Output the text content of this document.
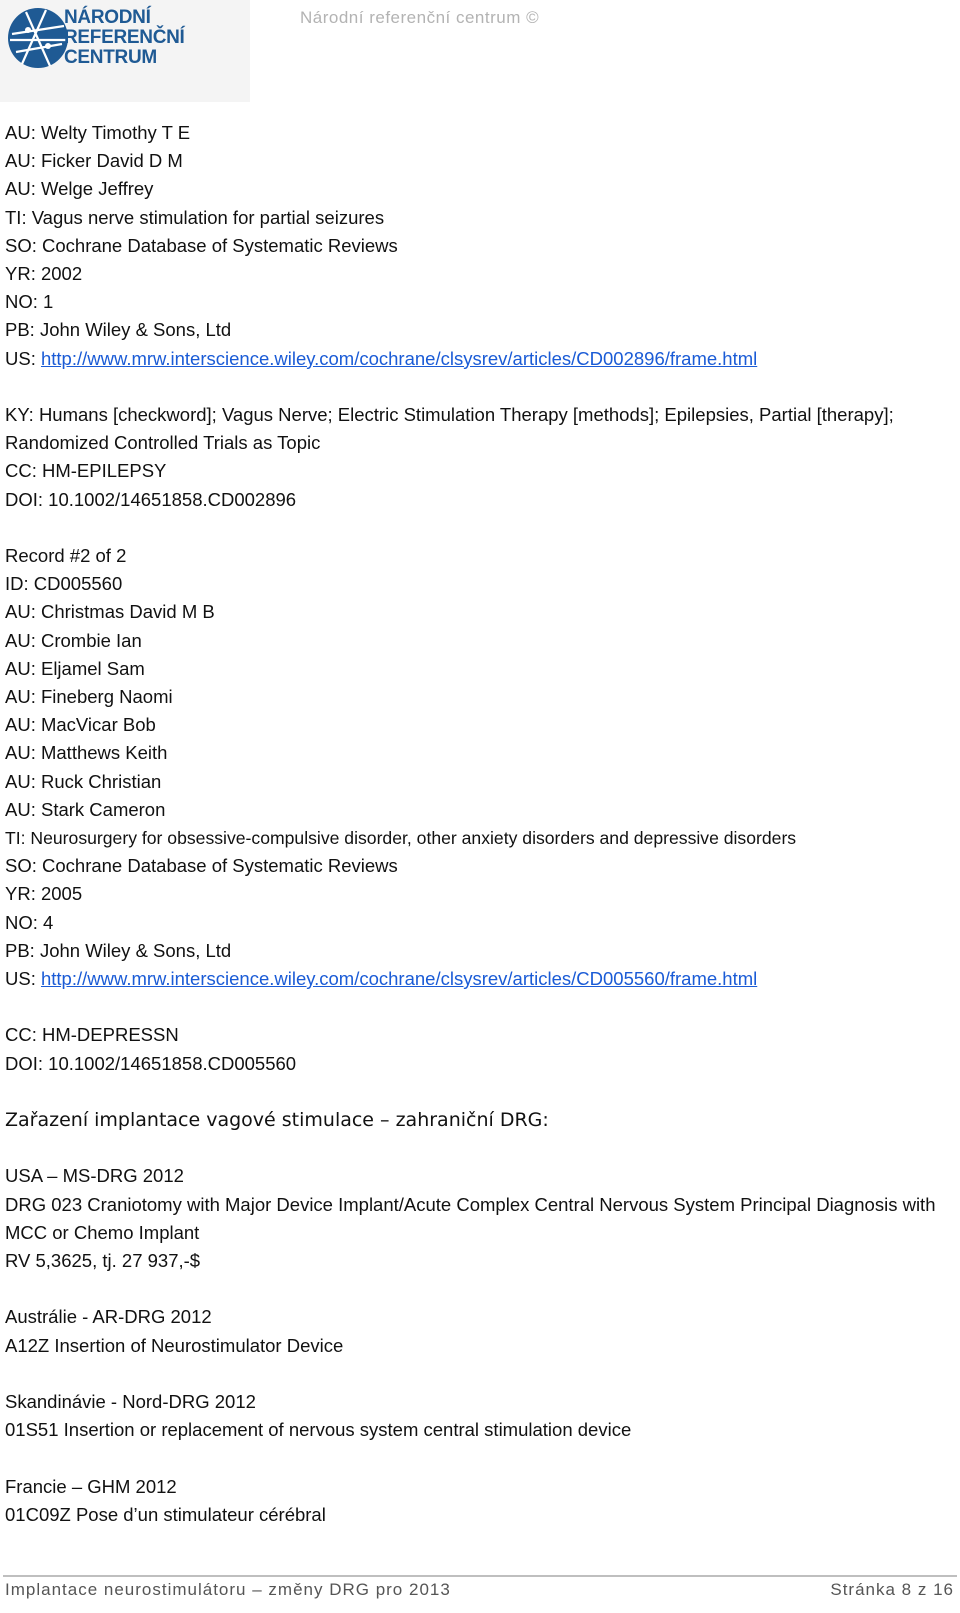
NÁRODNÍ
REFERENČNÍ
CENTRUM
Národní referenční centrum ©
AU: Welty Timothy T E
AU: Ficker David D M
AU: Welge Jeffrey
TI: Vagus nerve stimulation for partial seizures
SO: Cochrane Database of Systematic Reviews
YR: 2002
NO: 1
PB: John Wiley & Sons, Ltd
US: http://www.mrw.interscience.wiley.com/cochrane/clsysrev/articles/CD002896/frame.html
KY: Humans [checkword]; Vagus Nerve; Electric Stimulation Therapy [methods]; Epilepsies, Partial [therapy]; Randomized Controlled Trials as Topic
CC: HM-EPILEPSY
DOI: 10.1002/14651858.CD002896
Record #2 of 2
ID: CD005560
AU: Christmas David M B
AU: Crombie Ian
AU: Eljamel Sam
AU: Fineberg Naomi
AU: MacVicar Bob
AU: Matthews Keith
AU: Ruck Christian
AU: Stark Cameron
TI: Neurosurgery for obsessive-compulsive disorder, other anxiety disorders and depressive disorders
SO: Cochrane Database of Systematic Reviews
YR: 2005
NO: 4
PB: John Wiley & Sons, Ltd
US: http://www.mrw.interscience.wiley.com/cochrane/clsysrev/articles/CD005560/frame.html
CC: HM-DEPRESSN
DOI: 10.1002/14651858.CD005560
Zařazení implantace vagové stimulace – zahraniční DRG:
USA – MS-DRG 2012
DRG 023 Craniotomy with Major Device Implant/Acute Complex Central Nervous System Principal Diagnosis with MCC or Chemo Implant
RV 5,3625, tj. 27 937,-$
Austrálie - AR-DRG 2012
A12Z Insertion of Neurostimulator Device
Skandinávie - Nord-DRG 2012
01S51 Insertion or replacement of nervous system central stimulation device
Francie – GHM 2012
01C09Z Pose d’un stimulateur cérébral
Implantace neurostimulátoru – změny DRG pro 2013	Stránka 8 z 16
